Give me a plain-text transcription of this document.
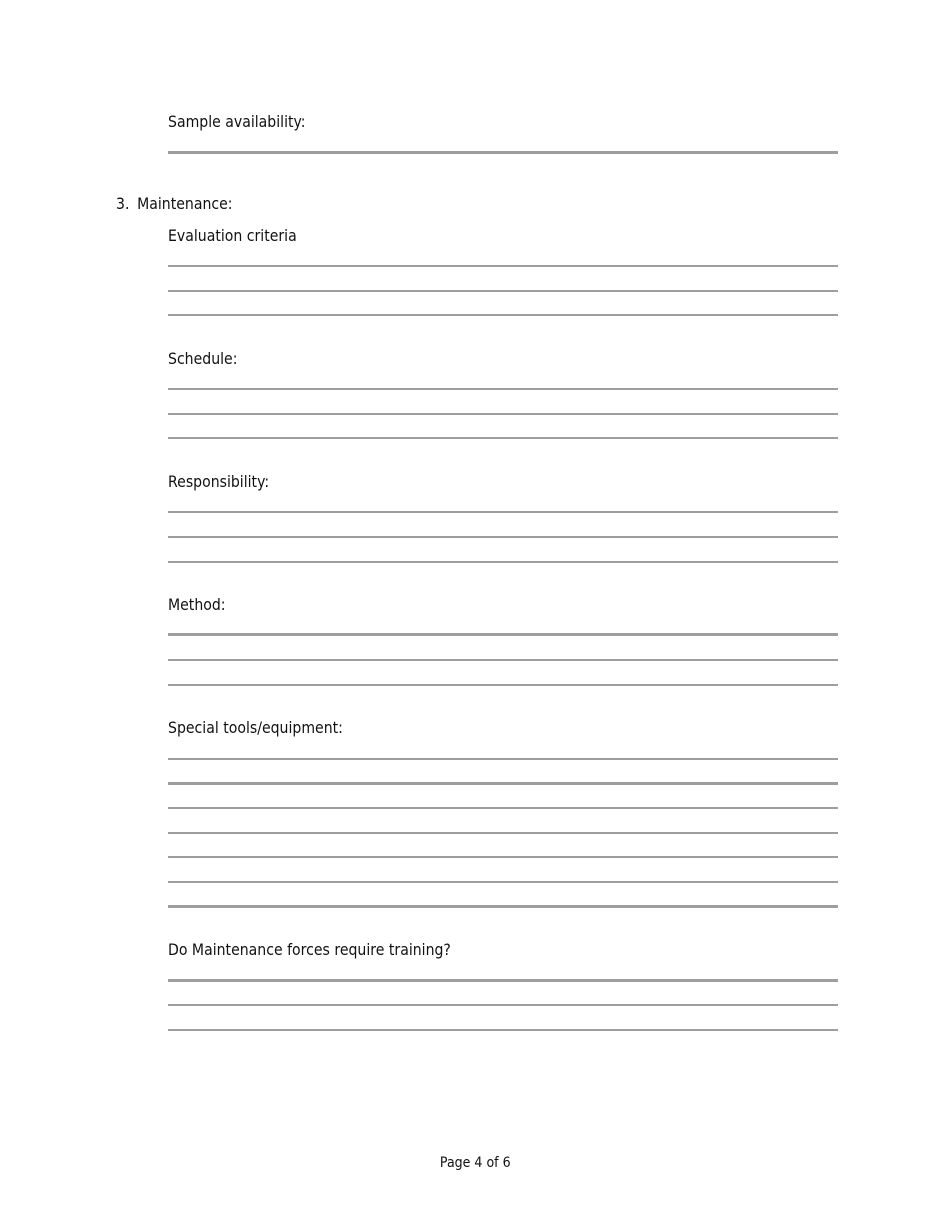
Sample availability:
3. Maintenance:
Evaluation criteria
Schedule:
Responsibility:
Method:
Special tools/equipment:
Do Maintenance forces require training?
Page 4 of 6
